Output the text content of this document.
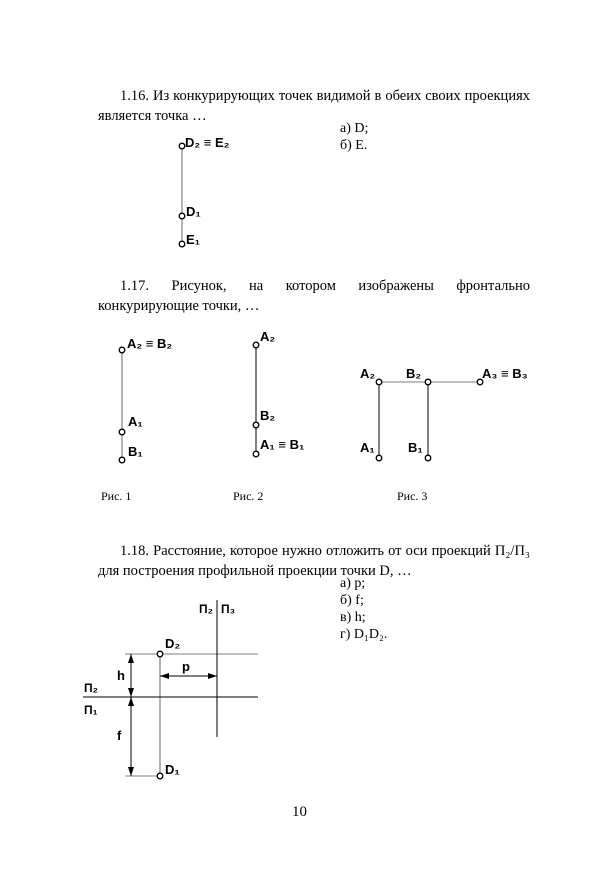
1.16. Из конкурирующих точек видимой в обеих своих проекциях является точка …
а) D;
б) E.
D₂ ≡ E₂
D₁
E₁
1.17. Рисунок, на котором изображены фронтально конкурирующие точки, …
A₂ ≡ B₂
A₁
B₁
Рис. 1
A₂
B₂
A₁ ≡ B₁
Рис. 2
A₂ B₂	A₃ ≡ B₃
A₁	B₁
Рис. 3
1.18. Расстояние, которое нужно отложить от оси проекций П₂/П₃ для построения профильной проекции точки D, …
а) p;
б) f;
в) h;
г) D₁D₂.
П₂ П₃
D₂
D₁
h
p
f
П₂
П₁
10
